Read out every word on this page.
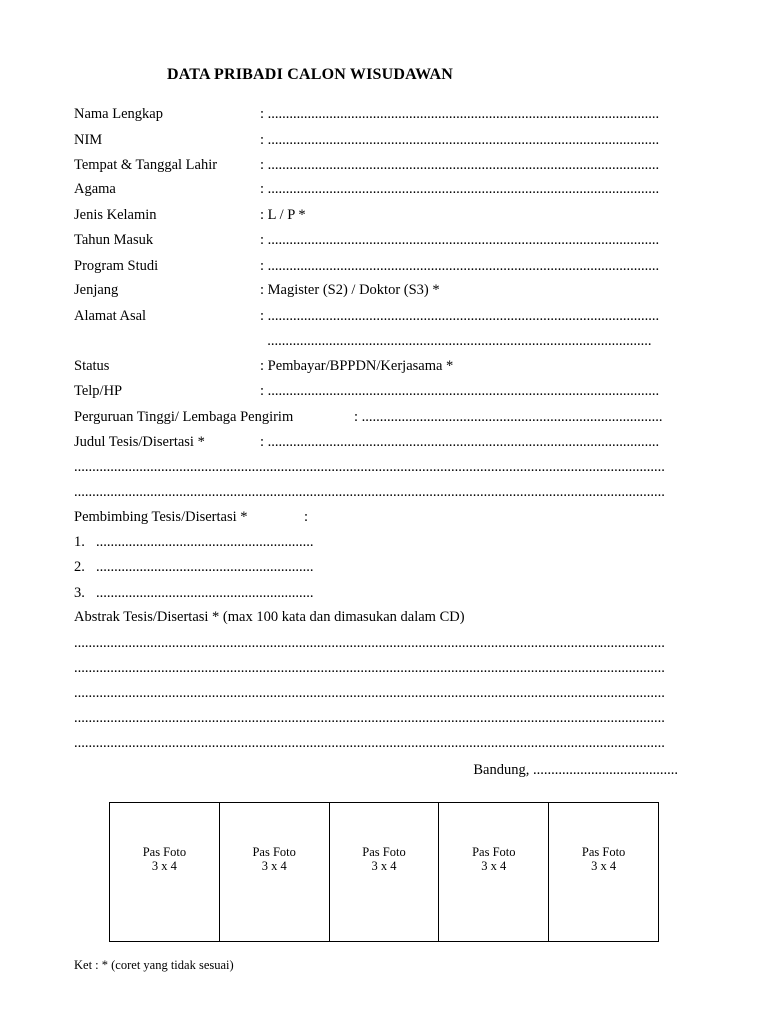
DATA PRIBADI CALON WISUDAWAN
Nama Lengkap	: ............................................................................................................
NIM	: ............................................................................................................
Tempat & Tanggal Lahir	: ............................................................................................................
Agama	: ............................................................................................................
Jenis Kelamin	: L / P *
Tahun Masuk	: ............................................................................................................
Program Studi	: ............................................................................................................
Jenjang	: Magister (S2) / Doktor (S3) *
Alamat Asal	: ............................................................................................................
..........................................................................................................
Status	: Pembayar/BPPDN/Kerjasama *
Telp/HP	: ............................................................................................................
Perguruan Tinggi/ Lembaga Pengirim	: ...................................................................................
Judul Tesis/Disertasi *	: ............................................................................................................
...................................................................................................................................................................
...................................................................................................................................................................
Pembimbing Tesis/Disertasi *	:
1. ............................................................
2. ............................................................
3. ............................................................
Abstrak Tesis/Disertasi * (max 100 kata dan dimasukan dalam CD)
...................................................................................................................................................................
...................................................................................................................................................................
...................................................................................................................................................................
...................................................................................................................................................................
...................................................................................................................................................................
Bandung, ........................................
Pas Foto
3 x 4
Pas Foto
3 x 4
Pas Foto
3 x 4
Pas Foto
3 x 4
Pas Foto
3 x 4
Ket : * (coret yang tidak sesuai)
